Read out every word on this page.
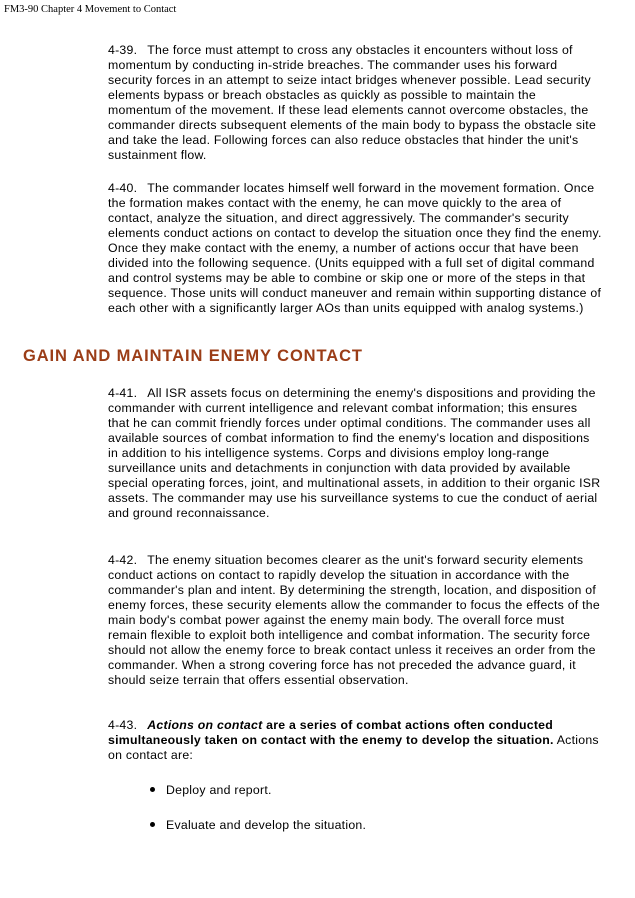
FM3-90 Chapter 4 Movement to Contact

4-39. The force must attempt to cross any obstacles it encounters without loss of momentum by conducting in-stride breaches. The commander uses his forward security forces in an attempt to seize intact bridges whenever possible. Lead security elements bypass or breach obstacles as quickly as possible to maintain the momentum of the movement. If these lead elements cannot overcome obstacles, the commander directs subsequent elements of the main body to bypass the obstacle site and take the lead. Following forces can also reduce obstacles that hinder the unit's sustainment flow.

4-40. The commander locates himself well forward in the movement formation. Once the formation makes contact with the enemy, he can move quickly to the area of contact, analyze the situation, and direct aggressively. The commander's security elements conduct actions on contact to develop the situation once they find the enemy. Once they make contact with the enemy, a number of actions occur that have been divided into the following sequence. (Units equipped with a full set of digital command and control systems may be able to combine or skip one or more of the steps in that sequence. Those units will conduct maneuver and remain within supporting distance of each other with a significantly larger AOs than units equipped with analog systems.)

GAIN AND MAINTAIN ENEMY CONTACT

4-41. All ISR assets focus on determining the enemy's dispositions and providing the commander with current intelligence and relevant combat information; this ensures that he can commit friendly forces under optimal conditions. The commander uses all available sources of combat information to find the enemy's location and dispositions in addition to his intelligence systems. Corps and divisions employ long-range surveillance units and detachments in conjunction with data provided by available special operating forces, joint, and multinational assets, in addition to their organic ISR assets. The commander may use his surveillance systems to cue the conduct of aerial and ground reconnaissance.

4-42. The enemy situation becomes clearer as the unit's forward security elements conduct actions on contact to rapidly develop the situation in accordance with the commander's plan and intent. By determining the strength, location, and disposition of enemy forces, these security elements allow the commander to focus the effects of the main body's combat power against the enemy main body. The overall force must remain flexible to exploit both intelligence and combat information. The security force should not allow the enemy force to break contact unless it receives an order from the commander. When a strong covering force has not preceded the advance guard, it should seize terrain that offers essential observation.

4-43. Actions on contact are a series of combat actions often conducted simultaneously taken on contact with the enemy to develop the situation. Actions on contact are:

Deploy and report.
Evaluate and develop the situation.
